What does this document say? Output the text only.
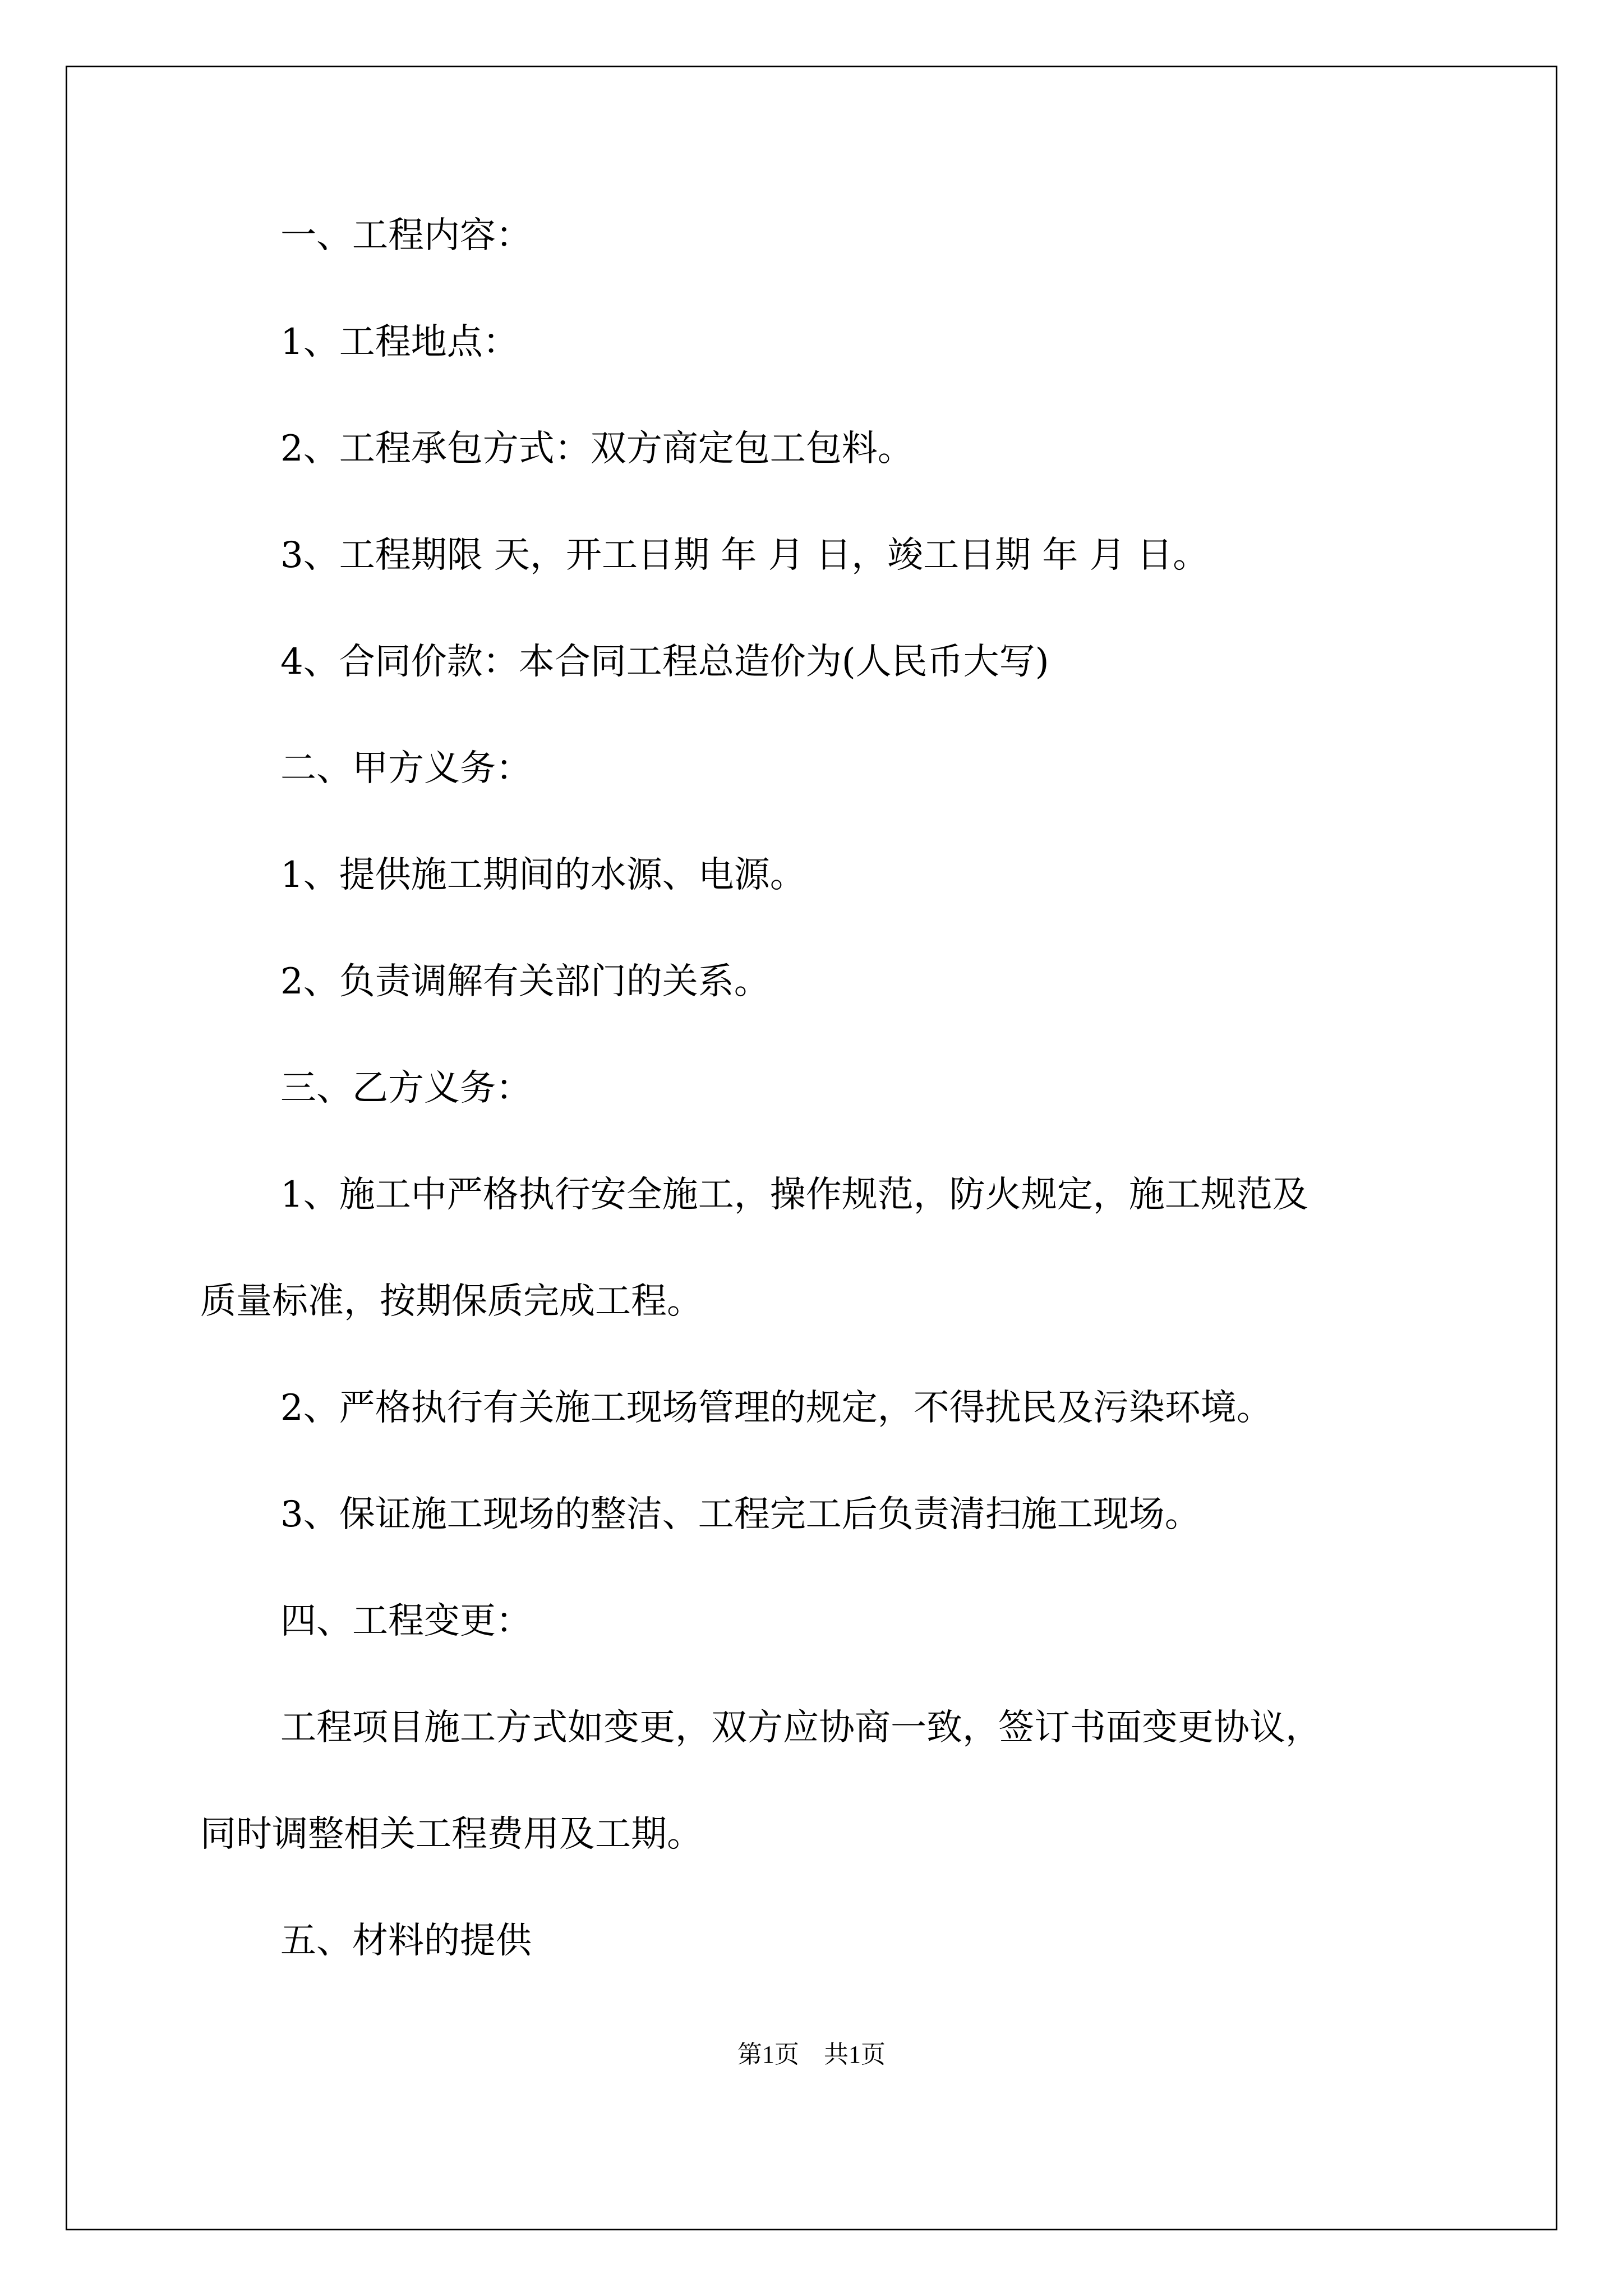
一、工程内容：

1、工程地点：

2、工程承包方式：双方商定包工包料。

3、工程期限 天，开工日期 年 月 日，竣工日期 年 月 日。

4、合同价款：本合同工程总造价为(人民币大写)

二、甲方义务：

1、提供施工期间的水源、电源。

2、负责调解有关部门的关系。

三、乙方义务：

1、施工中严格执行安全施工，操作规范，防火规定，施工规范及

质量标准，按期保质完成工程。

2、严格执行有关施工现场管理的规定，不得扰民及污染环境。

3、保证施工现场的整洁、工程完工后负责清扫施工现场。

四、工程变更：

工程项目施工方式如变更，双方应协商一致，签订书面变更协议，

同时调整相关工程费用及工期。

五、材料的提供

第1页　共1页
